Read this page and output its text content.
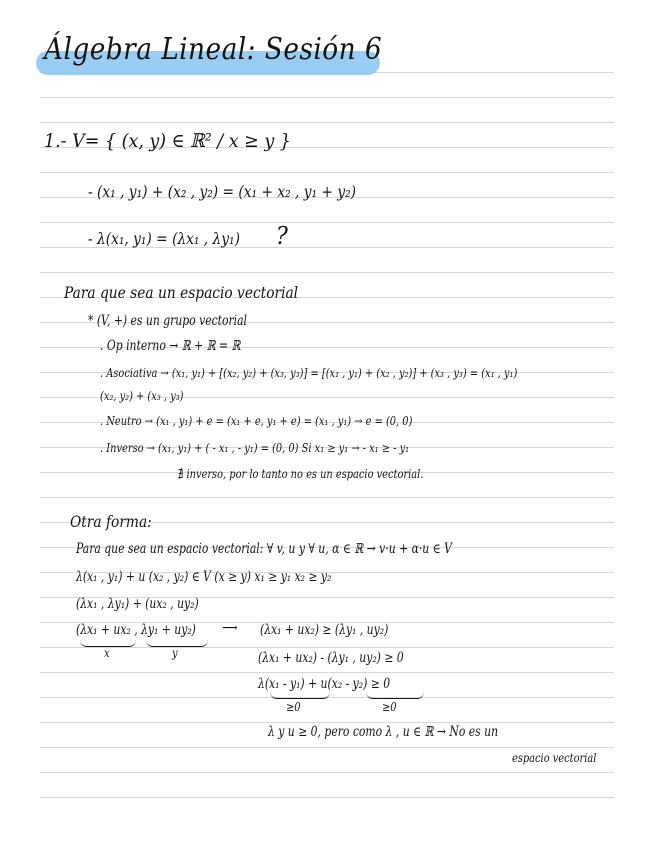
Álgebra Lineal: Sesión 6
1.- V= { (x, y) ∈ ℝ² / x ≥ y }
- (x₁ , y₁) + (x₂ , y₂) = (x₁ + x₂ , y₁ + y₂)
- λ(x₁, y₁) = (λx₁ , λy₁) ?
Para que sea un espacio vectorial
* (V, +) es un grupo vectorial
. Op interno → ℝ + ℝ = ℝ
. Asociativa → (x₁, y₁) + [(x₂, y₂) + (x₃, y₃)] = [(x₁ , y₁) + (x₂ , y₂)] + (x₃ , y₃) = (x₁ , y₁)
(x₂, y₂) + (x₃ , y₃)
. Neutro → (x₁ , y₁) + e = (x₁ + e, y₁ + e) = (x₁ , y₁) → e = (0, 0)
. Inverso → (x₁, y₁) + ( - x₁ , - y₁) = (0, 0) Si x₁ ≥ y₁ → - x₁ ≥ - y₁
∄ inverso, por lo tanto no es un espacio vectorial.
Otra forma:
Para que sea un espacio vectorial: ∀ v, u y ∀ u, α ∈ ℝ → v·u + α·u ∈ V
λ(x₁ , y₁) + u (x₂ , y₂) ∈ V (x ≥ y) x₁ ≥ y₁ x₂ ≥ y₂
(λx₁ , λy₁) + (ux₂ , uy₂)
(λx₁ + ux₂ , λy₁ + uy₂)
x	y
⟶ (λx₁ + ux₂) ≥ (λy₁ , uy₂)
(λx₁ + ux₂) - (λy₁ , uy₂) ≥ 0
λ(x₁ - y₁) + u(x₂ - y₂) ≥ 0
≥0	≥0
λ y u ≥ 0, pero como λ , u ∈ ℝ → No es un
espacio vectorial
